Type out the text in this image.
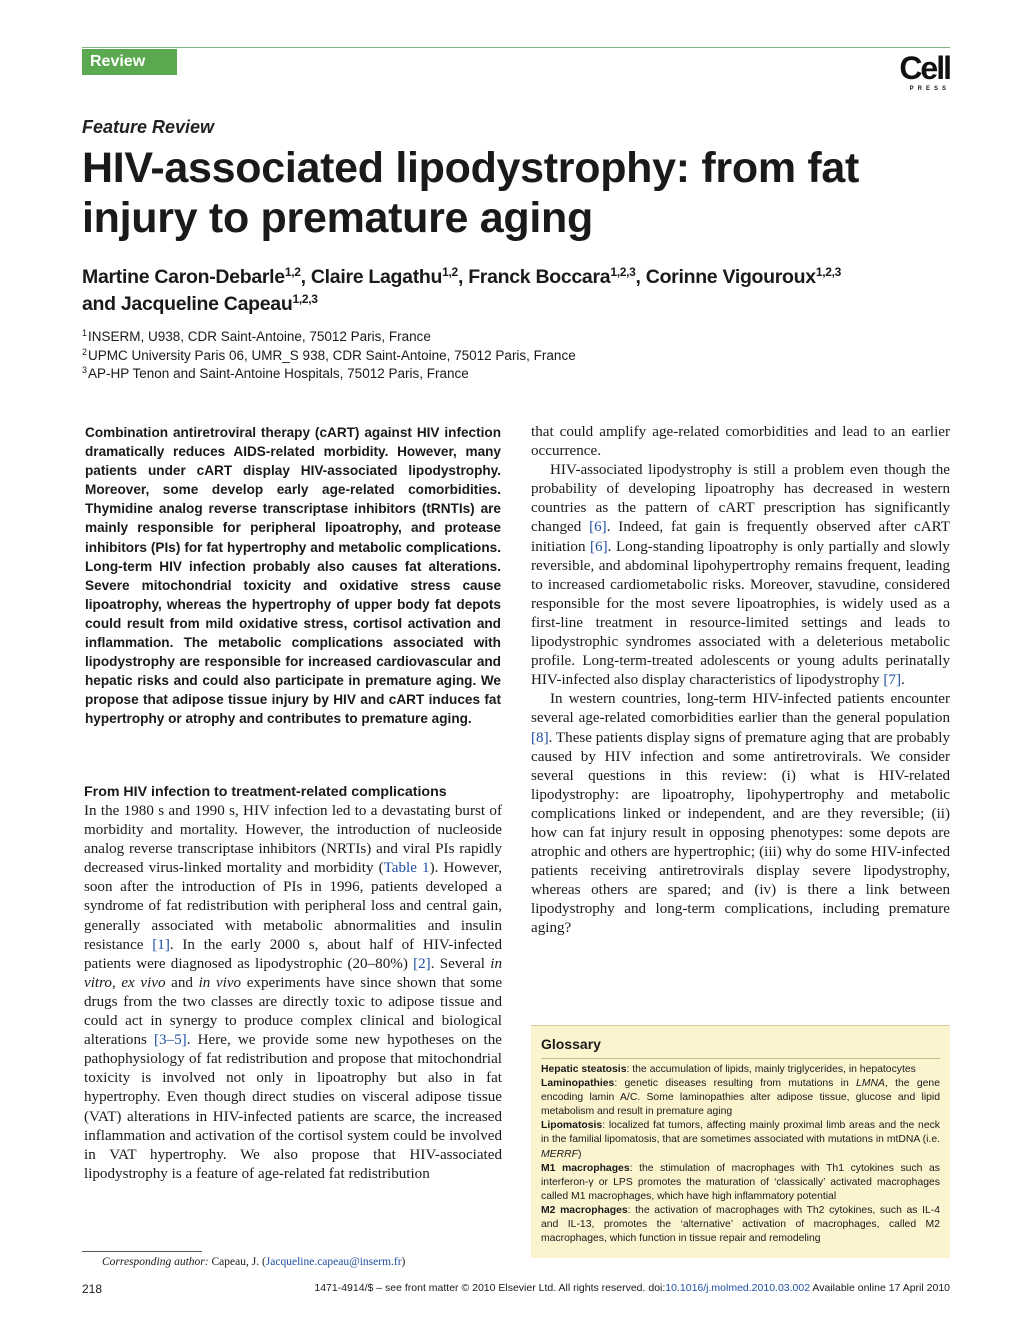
Review	Cell
PRESS
Feature Review
HIV-associated lipodystrophy: from fat injury to premature aging
Martine Caron-Debarle$^{1,2}$, Claire Lagathu$^{1,2}$, Franck Boccara$^{1,2,3}$, Corinne Vigouroux$^{1,2,3}$
and Jacqueline Capeau$^{1,2,3}$
$^1$INSERM, U938, CDR Saint-Antoine, 75012 Paris, France
$^2$UPMC University Paris 06, UMR_S 938, CDR Saint-Antoine, 75012 Paris, France
$^3$AP-HP Tenon and Saint-Antoine Hospitals, 75012 Paris, France
Combination antiretroviral therapy (cART) against HIV infection dramatically reduces AIDS-related morbidity. However, many patients under cART display HIV-associated lipodystrophy. Moreover, some develop early age-related comorbidities. Thymidine analog reverse transcriptase inhibitors (tRNTIs) are mainly responsible for peripheral lipoatrophy, and protease inhibitors (PIs) for fat hypertrophy and metabolic complications. Long-term HIV infection probably also causes fat alterations. Severe mitochondrial toxicity and oxidative stress cause lipoatrophy, whereas the hypertrophy of upper body fat depots could result from mild oxidative stress, cortisol activation and inflammation. The metabolic complications associated with lipodystrophy are responsible for increased cardiovascular and hepatic risks and could also participate in premature aging. We propose that adipose tissue injury by HIV and cART induces fat hypertrophy or atrophy and contributes to premature aging.
From HIV infection to treatment-related complications

In the 1980 s and 1990 s, HIV infection led to a devastating burst of morbidity and mortality. However, the introduction of nucleoside analog reverse transcriptase inhibitors (NRTIs) and viral PIs rapidly decreased virus-linked mortality and morbidity (Table 1). However, soon after the introduction of PIs in 1996, patients developed a syndrome of fat redistribution with peripheral loss and central gain, generally associated with metabolic abnormalities and insulin resistance [1]. In the early 2000 s, about half of HIV-infected patients were diagnosed as lipodystrophic (20–80%) [2]. Several in vitro, ex vivo and in vivo experiments have since shown that some drugs from the two classes are directly toxic to adipose tissue and could act in synergy to produce complex clinical and biological alterations [3–5]. Here, we provide some new hypotheses on the pathophysiology of fat redistribution and propose that mitochondrial toxicity is involved not only in lipoatrophy but also in fat hypertrophy. Even though direct studies on visceral adipose tissue (VAT) alterations in HIV-infected patients are scarce, the increased inflammation and activation of the cortisol system could be involved in VAT hypertrophy. We also propose that HIV-associated lipodystrophy is a feature of age-related fat redistribution

that could amplify age-related comorbidities and lead to an earlier occurrence.

HIV-associated lipodystrophy is still a problem even though the probability of developing lipoatrophy has decreased in western countries as the pattern of cART prescription has significantly changed [6]. Indeed, fat gain is frequently observed after cART initiation [6]. Long-standing lipoatrophy is only partially and slowly reversible, and abdominal lipohypertrophy remains frequent, leading to increased cardiometabolic risks. Moreover, stavudine, considered responsible for the most severe lipoatrophies, is widely used as a first-line treatment in resource-limited settings and leads to lipodystrophic syndromes associated with a deleterious metabolic profile. Long-term-treated adolescents or young adults perinatally HIV-infected also display characteristics of lipodystrophy [7].

In western countries, long-term HIV-infected patients encounter several age-related comorbidities earlier than the general population [8]. These patients display signs of premature aging that are probably caused by HIV infection and some antiretrovirals. We consider several questions in this review: (i) what is HIV-related lipodystrophy: are lipoatrophy, lipohypertrophy and metabolic complications linked or independent, and are they reversible; (ii) how can fat injury result in opposing phenotypes: some depots are atrophic and others are hypertrophic; (iii) why do some HIV-infected patients receiving antiretrovirals display severe lipodystrophy, whereas others are spared; and (iv) is there a link between lipodystrophy and long-term complications, including premature aging?

Glossary
Hepatic steatosis: the accumulation of lipids, mainly triglycerides, in hepatocytes
Laminopathies: genetic diseases resulting from mutations in LMNA, the gene encoding lamin A/C. Some laminopathies alter adipose tissue, glucose and lipid metabolism and result in premature aging
Lipomatosis: localized fat tumors, affecting mainly proximal limb areas and the neck in the familial lipomatosis, that are sometimes associated with mutations in mtDNA (i.e. MERRF)
M1 macrophages: the stimulation of macrophages with Th1 cytokines such as interferon-γ or LPS promotes the maturation of ‘classically’ activated macrophages called M1 macrophages, which have high inflammatory potential
M2 macrophages: the activation of macrophages with Th2 cytokines, such as IL-4 and IL-13, promotes the ‘alternative’ activation of macrophages, called M2 macrophages, which function in tissue repair and remodeling
Corresponding author: Capeau, J. (Jacqueline.capeau@inserm.fr)
218	1471-4914/$ – see front matter © 2010 Elsevier Ltd. All rights reserved. doi:10.1016/j.molmed.2010.03.002 Available online 17 April 2010
